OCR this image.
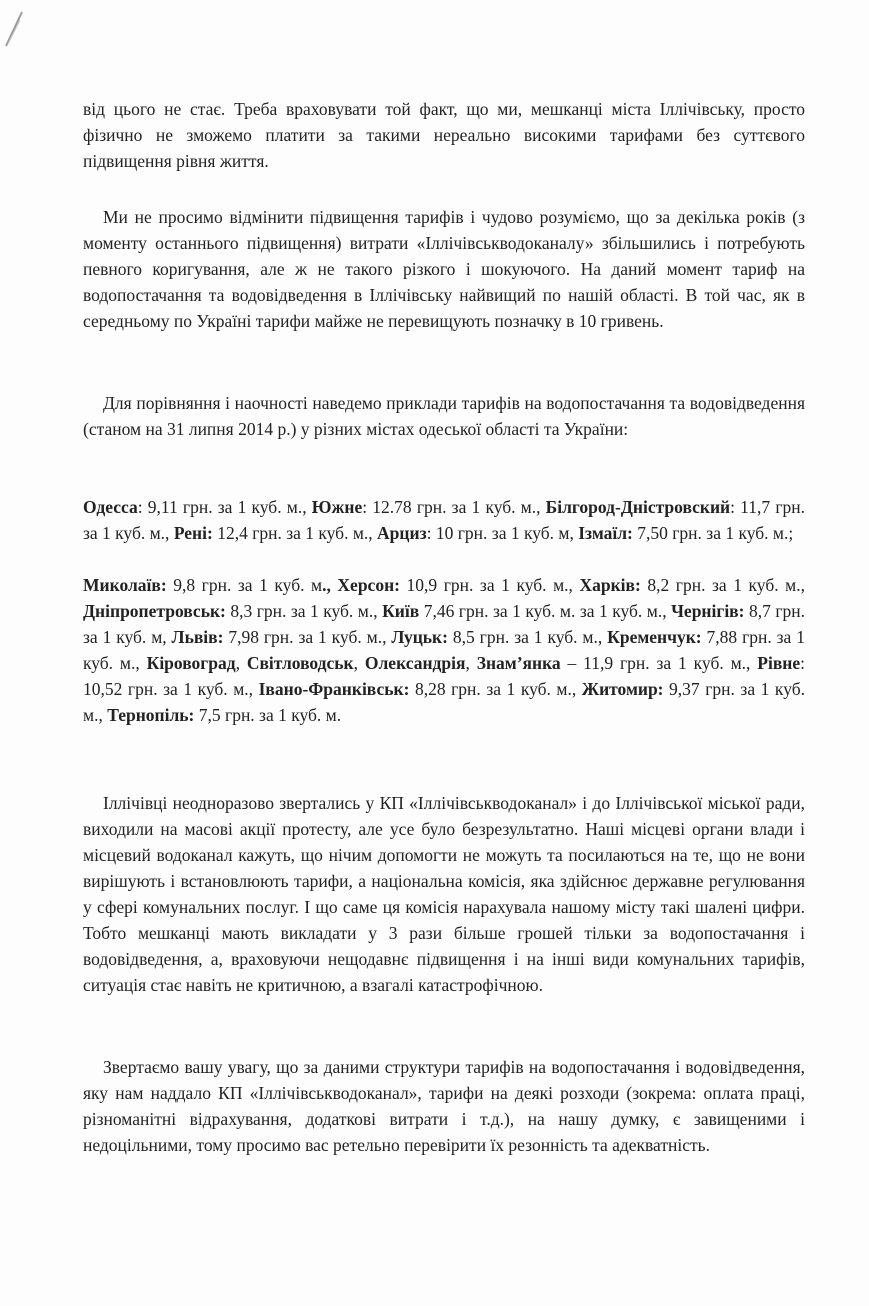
від цього не стає. Треба враховувати той факт, що ми, мешканці міста Іллічівську, просто фізично не зможемо платити за такими нереально високими тарифами без суттєвого підвищення рівня життя.

Ми не просимо відмінити підвищення тарифів і чудово розуміємо, що за декілька років (з моменту останнього підвищення) витрати «Іллічівськводоканалу» збільшились і потребують певного коригування, але ж не такого різкого і шокуючого. На даний момент тариф на водопостачання та водовідведення в Іллічівську найвищий по нашій області. В той час, як в середньому по Україні тарифи майже не перевищують позначку в 10 гривень.

Для порівняння і наочності наведемо приклади тарифів на водопостачання та водовідведення (станом на 31 липня 2014 р.) у різних містах одеської області та України:

Одесса: 9,11 грн. за 1 куб. м., Южне: 12.78 грн. за 1 куб. м., Білгород-Дністровский: 11,7 грн. за 1 куб. м., Рені: 12,4 грн. за 1 куб. м., Арциз: 10 грн. за 1 куб. м, Ізмаїл: 7,50 грн. за 1 куб. м.;

Миколаїв: 9,8 грн. за 1 куб. м., Херсон: 10,9 грн. за 1 куб. м., Харків: 8,2 грн. за 1 куб. м., Дніпропетровськ: 8,3 грн. за 1 куб. м., Київ 7,46 грн. за 1 куб. м. за 1 куб. м., Чернігів: 8,7 грн. за 1 куб. м, Львів: 7,98 грн. за 1 куб. м., Луцьк: 8,5 грн. за 1 куб. м., Кременчук: 7,88 грн. за 1 куб. м., Кіровоград, Світловодськ, Олександрія, Знам’янка – 11,9 грн. за 1 куб. м., Рівне: 10,52 грн. за 1 куб. м., Івано-Франківськ: 8,28 грн. за 1 куб. м., Житомир: 9,37 грн. за 1 куб. м., Тернопіль: 7,5 грн. за 1 куб. м.

Іллічівці неодноразово звертались у КП «Іллічівськводоканал» і до Іллічівської міської ради, виходили на масові акції протесту, але усе було безрезультатно. Наші місцеві органи влади і місцевий водоканал кажуть, що нічим допомогти не можуть та посилаються на те, що не вони вирішують і встановлюють тарифи, а національна комісія, яка здійснює державне регулювання у сфері комунальних послуг. І що саме ця комісія нарахувала нашому місту такі шалені цифри. Тобто мешканці мають викладати у 3 рази більше грошей тільки за водопостачання і водовідведення, а, враховуючи нещодавнє підвищення і на інші види комунальних тарифів, ситуація стає навіть не критичною, а взагалі катастрофічною.

Звертаємо вашу увагу, що за даними структури тарифів на водопостачання і водовідведення, яку нам наддало КП «Іллічівськводоканал», тарифи на деякі розходи (зокрема: оплата праці, різноманітні відрахування, додаткові витрати і т.д.), на нашу думку, є завищеними і недоцільними, тому просимо вас ретельно перевірити їх резонність та адекватність.
